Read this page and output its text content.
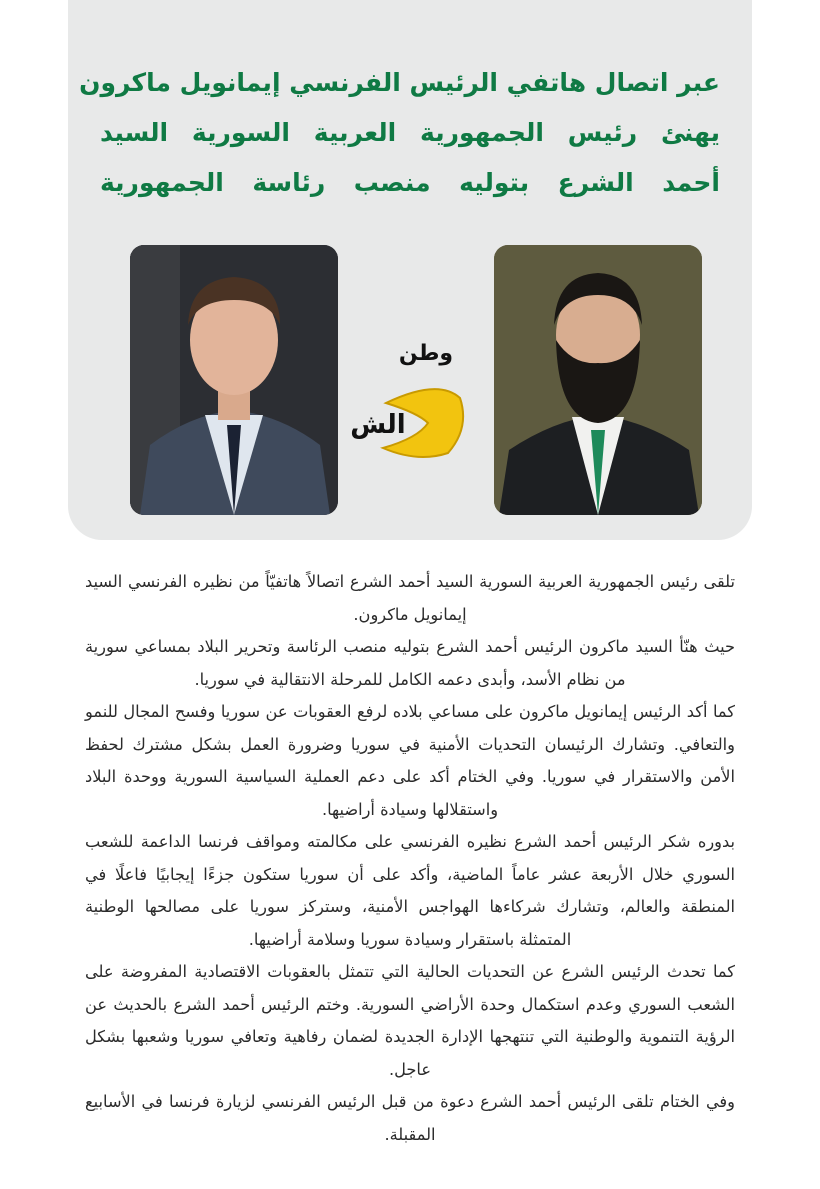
عبر اتصال هاتفي الرئيس الفرنسي إيمانويل ماكرون
يهنئ رئيس الجمهورية العربية السورية السيد
أحمد الشرع بتوليه منصب رئاسة الجمهورية
وطن
الش

تلقى رئيس الجمهورية العربية السورية السيد أحمد الشرع اتصالاً هاتفيّاً من نظيره الفرنسي السيد إيمانويل ماكرون.

حيث هنّأ السيد ماكرون الرئيس أحمد الشرع بتوليه منصب الرئاسة وتحرير البلاد بمساعي سورية من نظام الأسد، وأبدى دعمه الكامل للمرحلة الانتقالية في سوريا.

كما أكد الرئيس إيمانويل ماكرون على مساعي بلاده لرفع العقوبات عن سوريا وفسح المجال للنمو والتعافي. وتشارك الرئيسان التحديات الأمنية في سوريا وضرورة العمل بشكل مشترك لحفظ الأمن والاستقرار في سوريا. وفي الختام أكد على دعم العملية السياسية السورية ووحدة البلاد واستقلالها وسيادة أراضيها.

بدوره شكر الرئيس أحمد الشرع نظيره الفرنسي على مكالمته ومواقف فرنسا الداعمة للشعب السوري خلال الأربعة عشر عاماً الماضية، وأكد على أن سوريا ستكون جزءًا إيجابيًا فاعلًا في المنطقة والعالم، وتشارك شركاءها الهواجس الأمنية، وسترکز سوريا على مصالحها الوطنية المتمثلة باستقرار وسيادة سوريا وسلامة أراضيها.

كما تحدث الرئيس الشرع عن التحديات الحالية التي تتمثل بالعقوبات الاقتصادية المفروضة على الشعب السوري وعدم استكمال وحدة الأراضي السورية. وختم الرئيس أحمد الشرع بالحديث عن الرؤية التنموية والوطنية التي تنتهجها الإدارة الجديدة لضمان رفاهية وتعافي سوريا وشعبها بشكل عاجل.

وفي الختام تلقى الرئيس أحمد الشرع دعوة من قبل الرئيس الفرنسي لزيارة فرنسا في الأسابيع المقبلة.
